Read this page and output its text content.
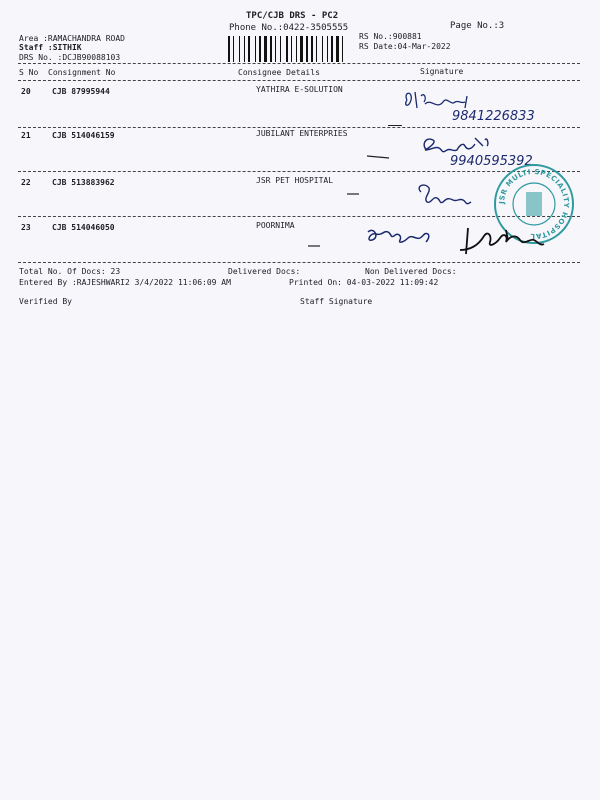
TPC/CJB DRS - PC2
Phone No.:0422-3505555	Page No.:3
Area :RAMACHANDRA ROAD
Staff :SITHIK
DRS No. :DCJB90088103
RS No.:900881
RS Date:04-Mar-2022
S No Consignment No	Consignee Details	Signature
20	CJB 87995944	YATHIRA E-SOLUTION
21	CJB 514046159	JUBILANT ENTERPRIES
22	CJB 513883962	JSR PET HOSPITAL
23	CJB 514046050	POORNIMA
9841226833
9940595392
JSR MULTI SPECIALITY HOSPITAL
Total No. Of Docs: 23	Delivered Docs:	Non Delivered Docs:
Entered By :RAJESHWARI2 3/4/2022 11:06:09 AM	Printed On: 04-03-2022 11:09:42
Verified By	Staff Signature
